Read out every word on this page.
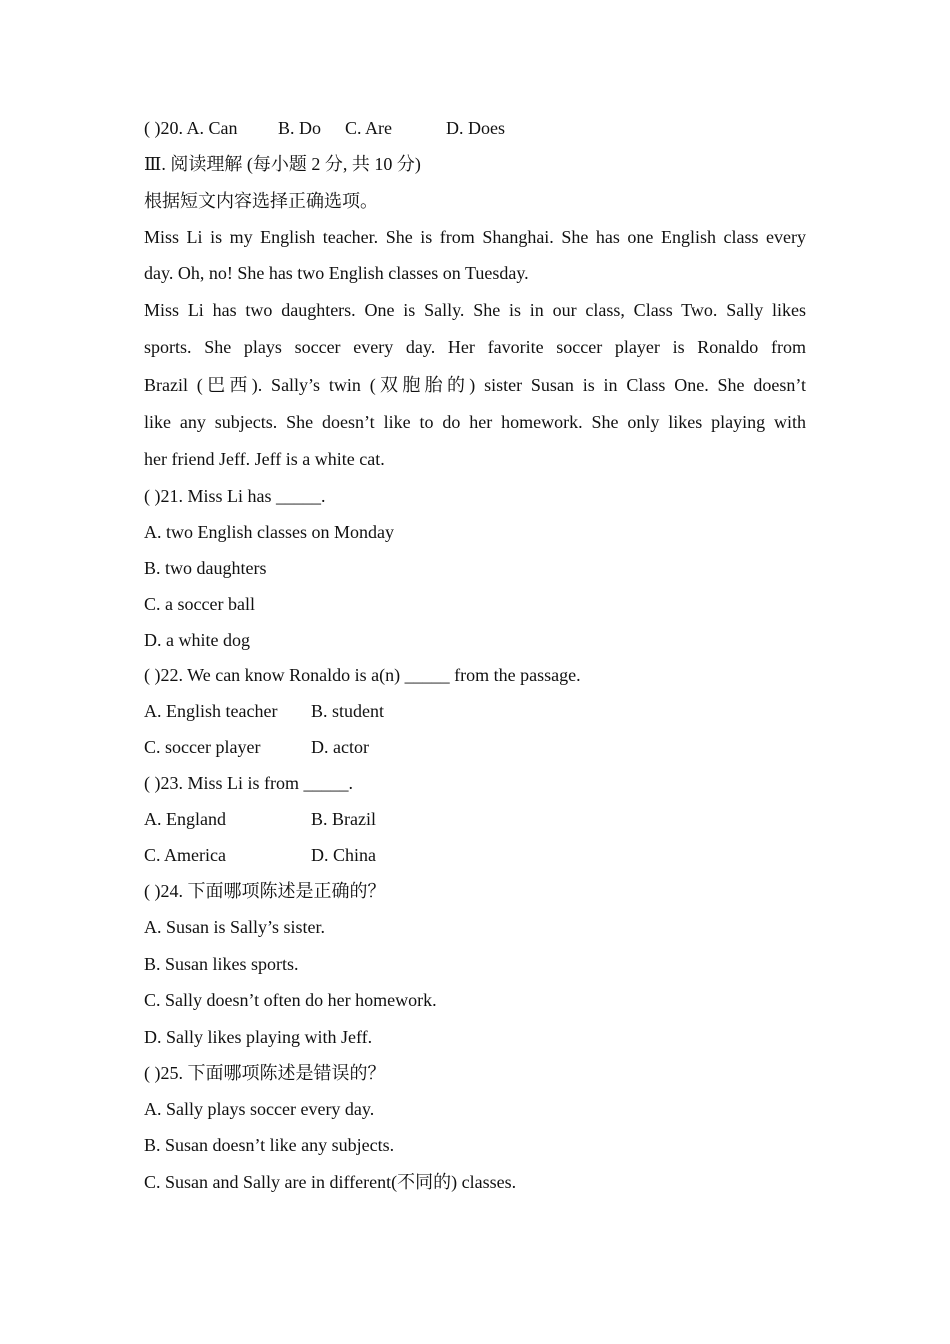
( )20. A. Can B. Do C. Are	D. Does
Ⅲ. 阅读理解 (每小题 2 分, 共 10 分)
根据短文内容选择正确选项。
Miss Li is my English teacher. She is from Shanghai. She has one English class every
day. Oh, no! She has two English classes on Tuesday.
Miss Li has two daughters. One is Sally. She is in our class, Class Two. Sally likes
sports. She plays soccer every day. Her favorite soccer player is Ronaldo from
Brazil (巴西). Sally’s twin (双胞胎的) sister Susan is in Class One. She doesn’t
like any subjects. She doesn’t like to do her homework. She only likes playing with
her friend Jeff. Jeff is a white cat.
( )21. Miss Li has _____.
A. two English classes on Monday
B. two daughters
C. a soccer ball
D. a white dog
( )22. We can know Ronaldo is a(n) _____ from the passage.
A. English teacher B. student
C. soccer player	D. actor
( )23. Miss Li is from _____.
A. England	B. Brazil
C. America	D. China
( )24. 下面哪项陈述是正确的？
A. Susan is Sally’s sister.
B. Susan likes sports.
C. Sally doesn’t often do her homework.
D. Sally likes playing with Jeff.
( )25. 下面哪项陈述是错误的？
A. Sally plays soccer every day.
B. Susan doesn’t like any subjects.
C. Susan and Sally are in different(不同的) classes.
